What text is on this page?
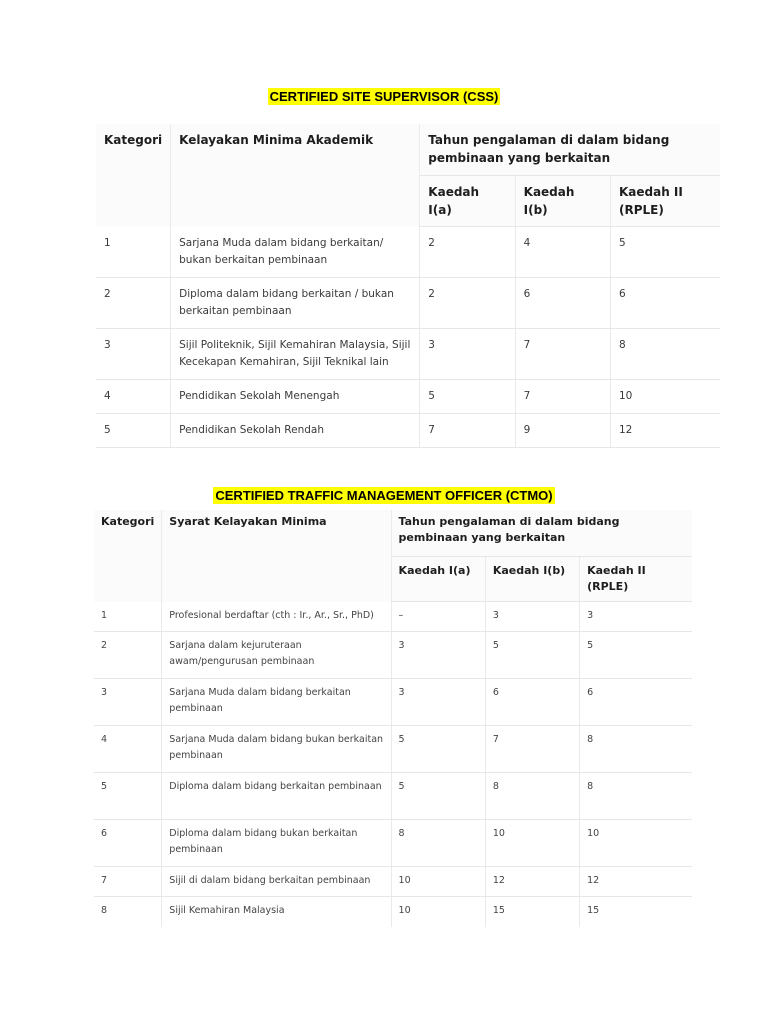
CERTIFIED SITE SUPERVISOR (CSS)
Kategori	Kelayakan Minima Akademik	Tahun pengalaman di dalam bidang pembinaan yang berkaitan		
		Kaedah I(a)	Kaedah I(b)	Kaedah II (RPLE)
1	Sarjana Muda dalam bidang berkaitan/ bukan berkaitan pembinaan	2	4	5
2	Diploma dalam bidang berkaitan / bukan berkaitan pembinaan	2	6	6
3	Sijil Politeknik, Sijil Kemahiran Malaysia, Sijil Kecekapan Kemahiran, Sijil Teknikal lain	3	7	8
4	Pendidikan Sekolah Menengah	5	7	10
5	Pendidikan Sekolah Rendah	7	9	12
CERTIFIED TRAFFIC MANAGEMENT OFFICER (CTMO)
Kategori	Syarat Kelayakan Minima	Tahun pengalaman di dalam bidang pembinaan yang berkaitan		
		Kaedah I(a)	Kaedah I(b)	Kaedah II (RPLE)
1	Profesional berdaftar (cth : Ir., Ar., Sr., PhD)	–	3	3
2	Sarjana dalam kejuruteraan awam/pengurusan pembinaan	3	5	5
3	Sarjana Muda dalam bidang berkaitan pembinaan	3	6	6
4	Sarjana Muda dalam bidang bukan berkaitan pembinaan	5	7	8
5	Diploma dalam bidang berkaitan pembinaan	5	8	8
6	Diploma dalam bidang bukan berkaitan pembinaan	8	10	10
7	Sijil di dalam bidang berkaitan pembinaan	10	12	12
8	Sijil Kemahiran Malaysia	10	15	15
